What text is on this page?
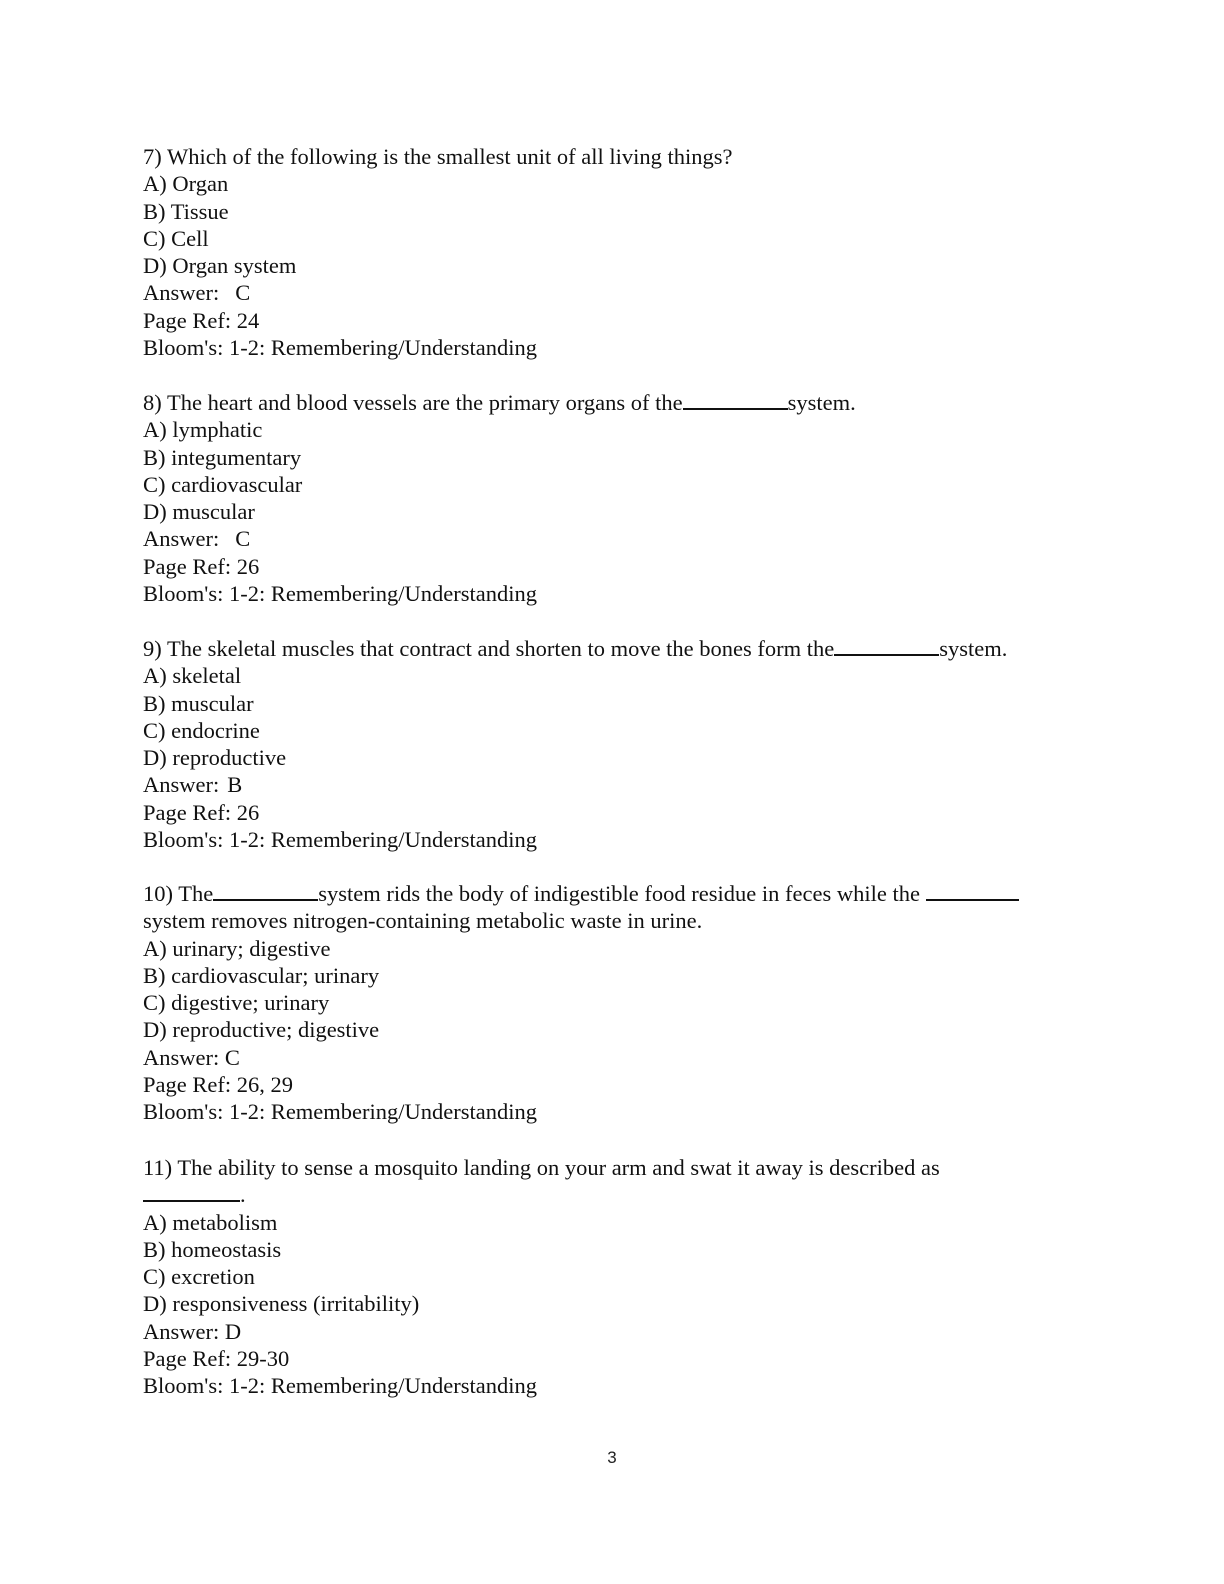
7) Which of the following is the smallest unit of all living things?
A) Organ
B) Tissue
C) Cell
D) Organ system
Answer: C
Page Ref: 24
Bloom's: 1-2: Remembering/Understanding
8) The heart and blood vessels are the primary organs of the	system.
A) lymphatic
B) integumentary
C) cardiovascular
D) muscular
Answer: C
Page Ref: 26
Bloom's: 1-2: Remembering/Understanding
9) The skeletal muscles that contract and shorten to move the bones form the	system.
A) skeletal
B) muscular
C) endocrine
D) reproductive
Answer: B
Page Ref: 26
Bloom's: 1-2: Remembering/Understanding
10) The	system rids the body of indigestible food residue in feces while the
system removes nitrogen-containing metabolic waste in urine.
A) urinary; digestive
B) cardiovascular; urinary
C) digestive; urinary
D) reproductive; digestive
Answer: C
Page Ref: 26, 29
Bloom's: 1-2: Remembering/Understanding
11) The ability to sense a mosquito landing on your arm and swat it away is described as
.
A) metabolism
B) homeostasis
C) excretion
D) responsiveness (irritability)
Answer: D
Page Ref: 29-30
Bloom's: 1-2: Remembering/Understanding
3
